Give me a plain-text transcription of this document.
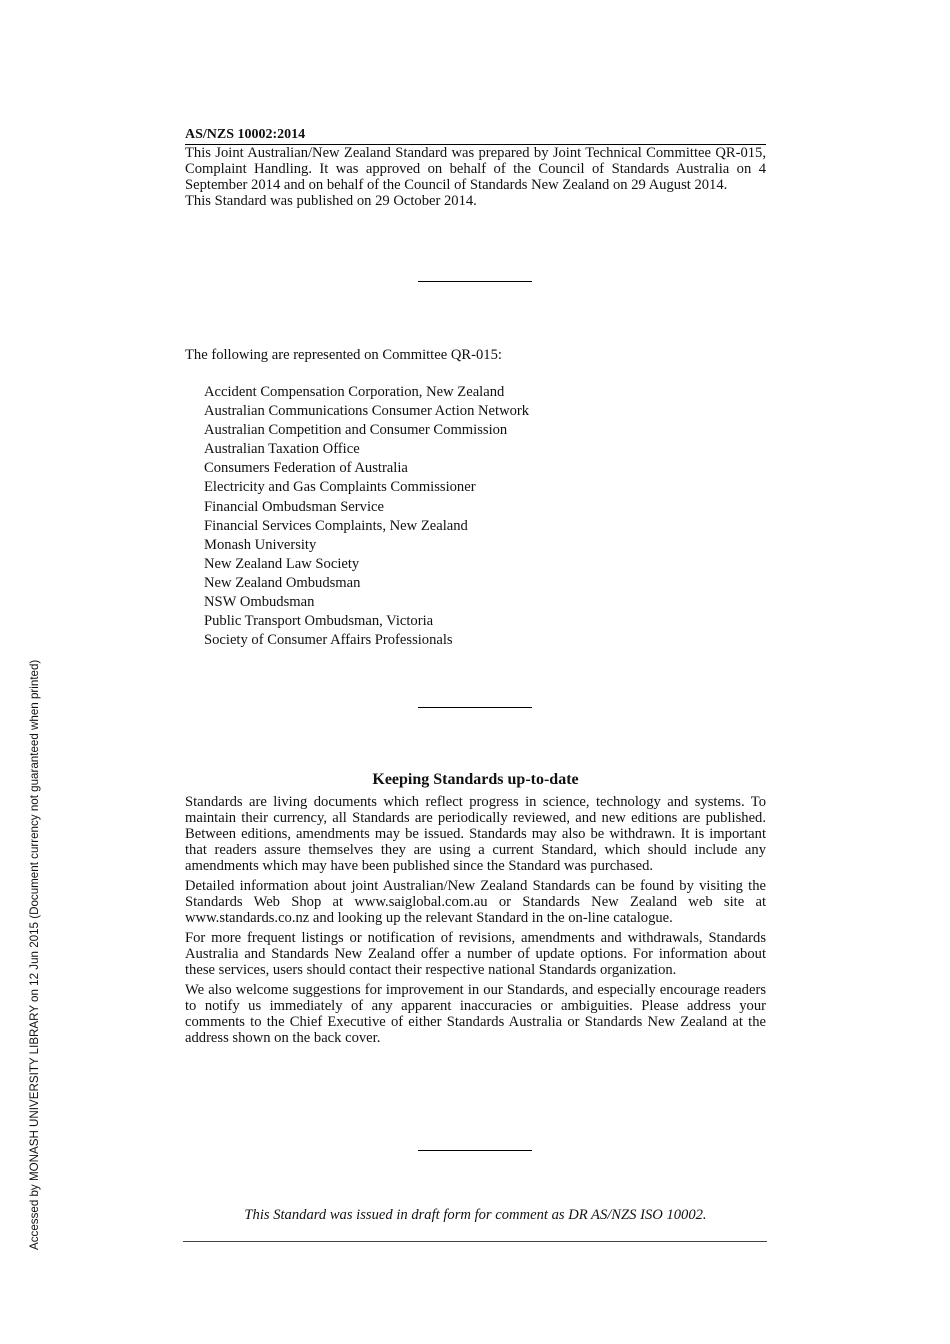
Accessed by MONASH UNIVERSITY LIBRARY on 12 Jun 2015 (Document currency not guaranteed when printed)
AS/NZS 10002:2014

This Joint Australian/New Zealand Standard was prepared by Joint Technical Committee QR-015, Complaint Handling. It was approved on behalf of the Council of Standards Australia on 4 September 2014 and on behalf of the Council of Standards New Zealand on 29 August 2014.

This Standard was published on 29 October 2014.

The following are represented on Committee QR-015:
Accident Compensation Corporation, New Zealand
Australian Communications Consumer Action Network
Australian Competition and Consumer Commission
Australian Taxation Office
Consumers Federation of Australia
Electricity and Gas Complaints Commissioner
Financial Ombudsman Service
Financial Services Complaints, New Zealand
Monash University
New Zealand Law Society
New Zealand Ombudsman
NSW Ombudsman
Public Transport Ombudsman, Victoria
Society of Consumer Affairs Professionals
Keeping Standards up-to-date

Standards are living documents which reflect progress in science, technology and systems. To maintain their currency, all Standards are periodically reviewed, and new editions are published. Between editions, amendments may be issued. Standards may also be withdrawn. It is important that readers assure themselves they are using a current Standard, which should include any amendments which may have been published since the Standard was purchased.

Detailed information about joint Australian/New Zealand Standards can be found by visiting the Standards Web Shop at www.saiglobal.com.au or Standards New Zealand web site at www.standards.co.nz and looking up the relevant Standard in the on-line catalogue.

For more frequent listings or notification of revisions, amendments and withdrawals, Standards Australia and Standards New Zealand offer a number of update options. For information about these services, users should contact their respective national Standards organization.

We also welcome suggestions for improvement in our Standards, and especially encourage readers to notify us immediately of any apparent inaccuracies or ambiguities. Please address your comments to the Chief Executive of either Standards Australia or Standards New Zealand at the address shown on the back cover.

This Standard was issued in draft form for comment as DR AS/NZS ISO 10002.
